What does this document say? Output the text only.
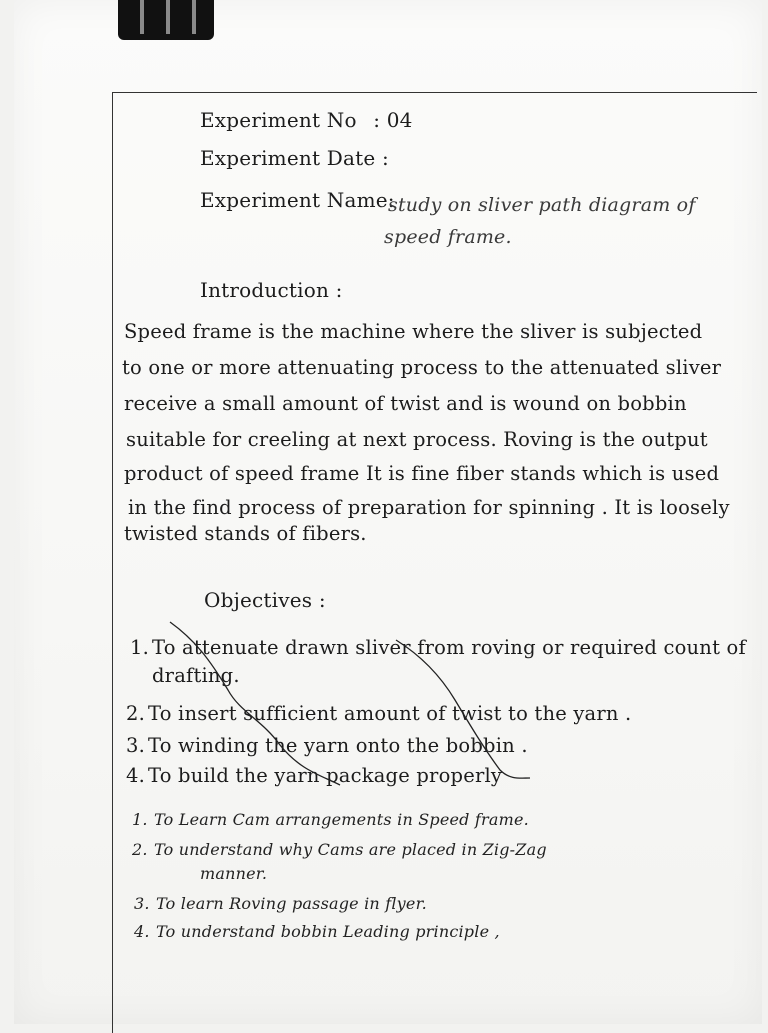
Experiment No : 04
Experiment Date :
Experiment Name:
study on sliver path diagram of
speed frame.
Introduction :
Speed frame is the machine where the sliver is subjected
to one or more attenuating process to the attenuated sliver
receive a small amount of twist and is wound on bobbin
suitable for creeling at next process. Roving is the output
product of speed frame It is fine fiber stands which is used
in the find process of preparation for spinning . It is loosely
twisted stands of fibers.
Objectives :
1. To attenuate drawn sliver from roving or required count of
drafting.
2. To insert sufficient amount of twist to the yarn .
3. To winding the yarn onto the bobbin .
4. To build the yarn package properly
1. To Learn Cam arrangements in Speed frame.
2. To understand why Cams are placed in Zig-Zag
manner.
3. To learn Roving passage in flyer.
4. To understand bobbin Leading principle ,
